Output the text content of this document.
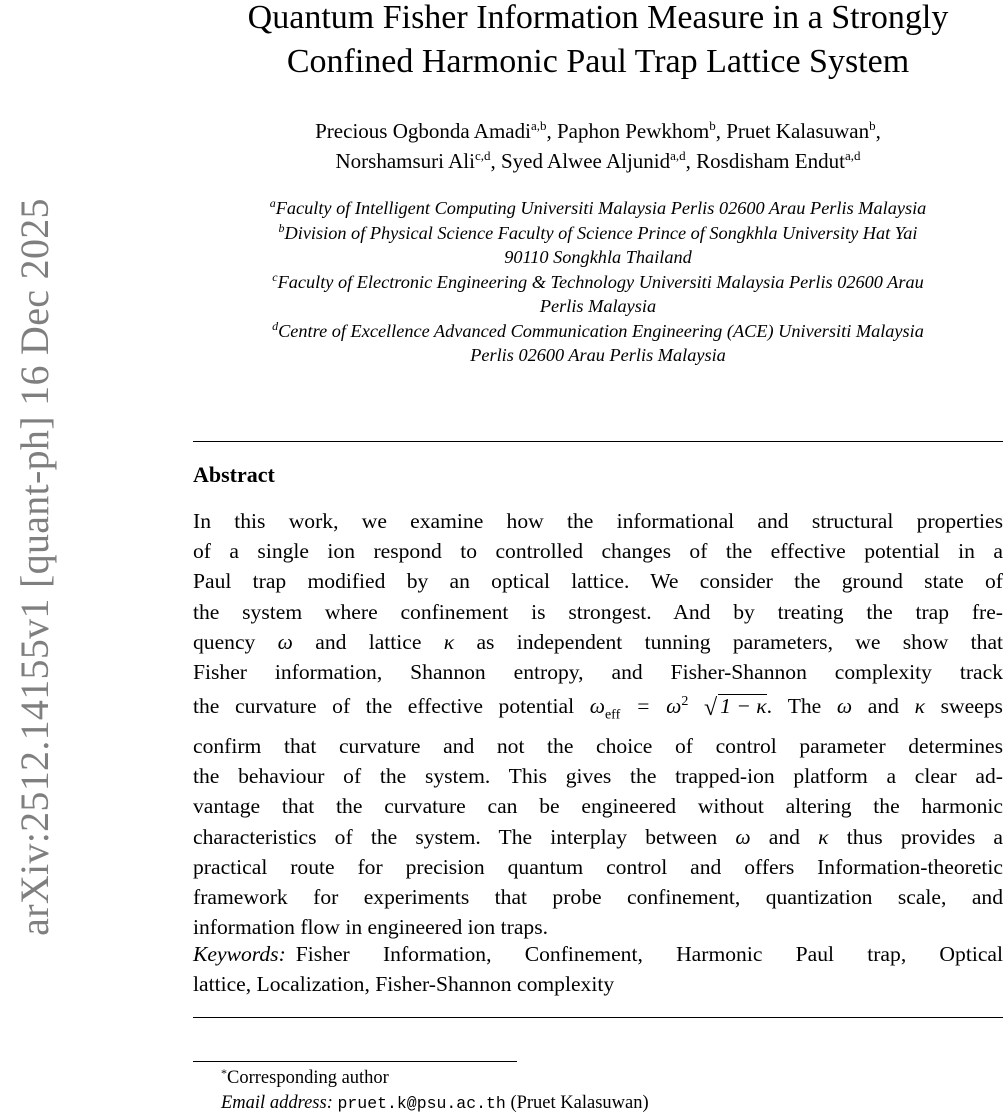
arXiv:2512.14155v1 [quant-ph] 16 Dec 2025
Quantum Fisher Information Measure in a Strongly
Confined Harmonic Paul Trap Lattice System
Precious Ogbonda Amadi$^{a,b}$, Paphon Pewkhom$^b$, Pruet Kalasuwan$^b$,
Norshamsuri Ali$^{c,d}$, Syed Alwee Aljunid$^{a,d}$, Rosdisham Endut$^{a,d}$
$^a$Faculty of Intelligent Computing Universiti Malaysia Perlis 02600 Arau Perlis Malaysia
$^b$Division of Physical Science Faculty of Science Prince of Songkhla University Hat Yai
90110 Songkhla Thailand
$^c$Faculty of Electronic Engineering & Technology Universiti Malaysia Perlis 02600 Arau
Perlis Malaysia
$^d$Centre of Excellence Advanced Communication Engineering (ACE) Universiti Malaysia
Perlis 02600 Arau Perlis Malaysia
Abstract
In this work, we examine how the informational and structural properties
of a single ion respond to controlled changes of the effective potential in a
Paul trap modified by an optical lattice. We consider the ground state of
the system where confinement is strongest. And by treating the trap fre-
quency ω and lattice κ as independent tunning parameters, we show that
Fisher information, Shannon entropy, and Fisher-Shannon complexity track
the curvature of the effective potential $\omega_{eff} = \omega^2$ √ 1 − κ. The ω and κ sweeps
confirm that curvature and not the choice of control parameter determines
the behaviour of the system. This gives the trapped-ion platform a clear ad-
vantage that the curvature can be engineered without altering the harmonic
characteristics of the system. The interplay between ω and κ thus provides a
practical route for precision quantum control and offers Information-theoretic
framework for experiments that probe confinement, quantization scale, and
information flow in engineered ion traps.
Keywords: Fisher Information, Confinement, Harmonic Paul trap, Optical
lattice, Localization, Fisher-Shannon complexity
*Corresponding author
Email address: pruet.k@psu.ac.th (Pruet Kalasuwan)
